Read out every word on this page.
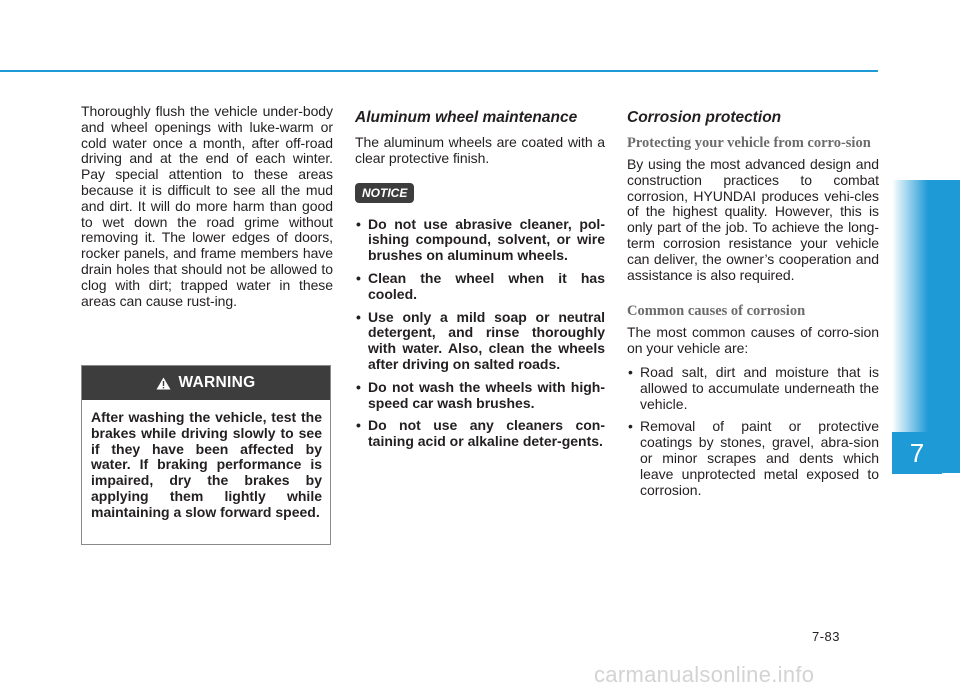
Maintenance
7

Thoroughly flush the vehicle under-body and wheel openings with luke-warm or cold water once a month, after off-road driving and at the end of each winter. Pay special attention to these areas because it is difficult to see all the mud and dirt. It will do more harm than good to wet down the road grime without removing it. The lower edges of doors, rocker panels, and frame members have drain holes that should not be allowed to clog with dirt; trapped water in these areas can cause rust-ing.

WARNING
After washing the vehicle, test the brakes while driving slowly to see if they have been affected by water. If braking performance is impaired, dry the brakes by applying them lightly while maintaining a slow forward speed.
Aluminum wheel maintenance

The aluminum wheels are coated with a clear protective finish.

NOTICE
• Do not use abrasive cleaner, pol-ishing compound, solvent, or wire brushes on aluminum wheels.
• Clean the wheel when it has cooled.
• Use only a mild soap or neutral detergent, and rinse thoroughly with water. Also, clean the wheels after driving on salted roads.
• Do not wash the wheels with high-speed car wash brushes.
• Do not use any cleaners con-taining acid or alkaline deter-gents.
Corrosion protection
Protecting your vehicle from corro-sion

By using the most advanced design and construction practices to combat corrosion, HYUNDAI produces vehi-cles of the highest quality. However, this is only part of the job. To achieve the long-term corrosion resistance your vehicle can deliver, the owner’s cooperation and assistance is also required.

Common causes of corrosion

The most common causes of corro-sion on your vehicle are:

• Road salt, dirt and moisture that is allowed to accumulate underneath the vehicle.
• Removal of paint or protective coatings by stones, gravel, abra-sion or minor scrapes and dents which leave unprotected metal exposed to corrosion.
7-83
carmanualsonline.info
